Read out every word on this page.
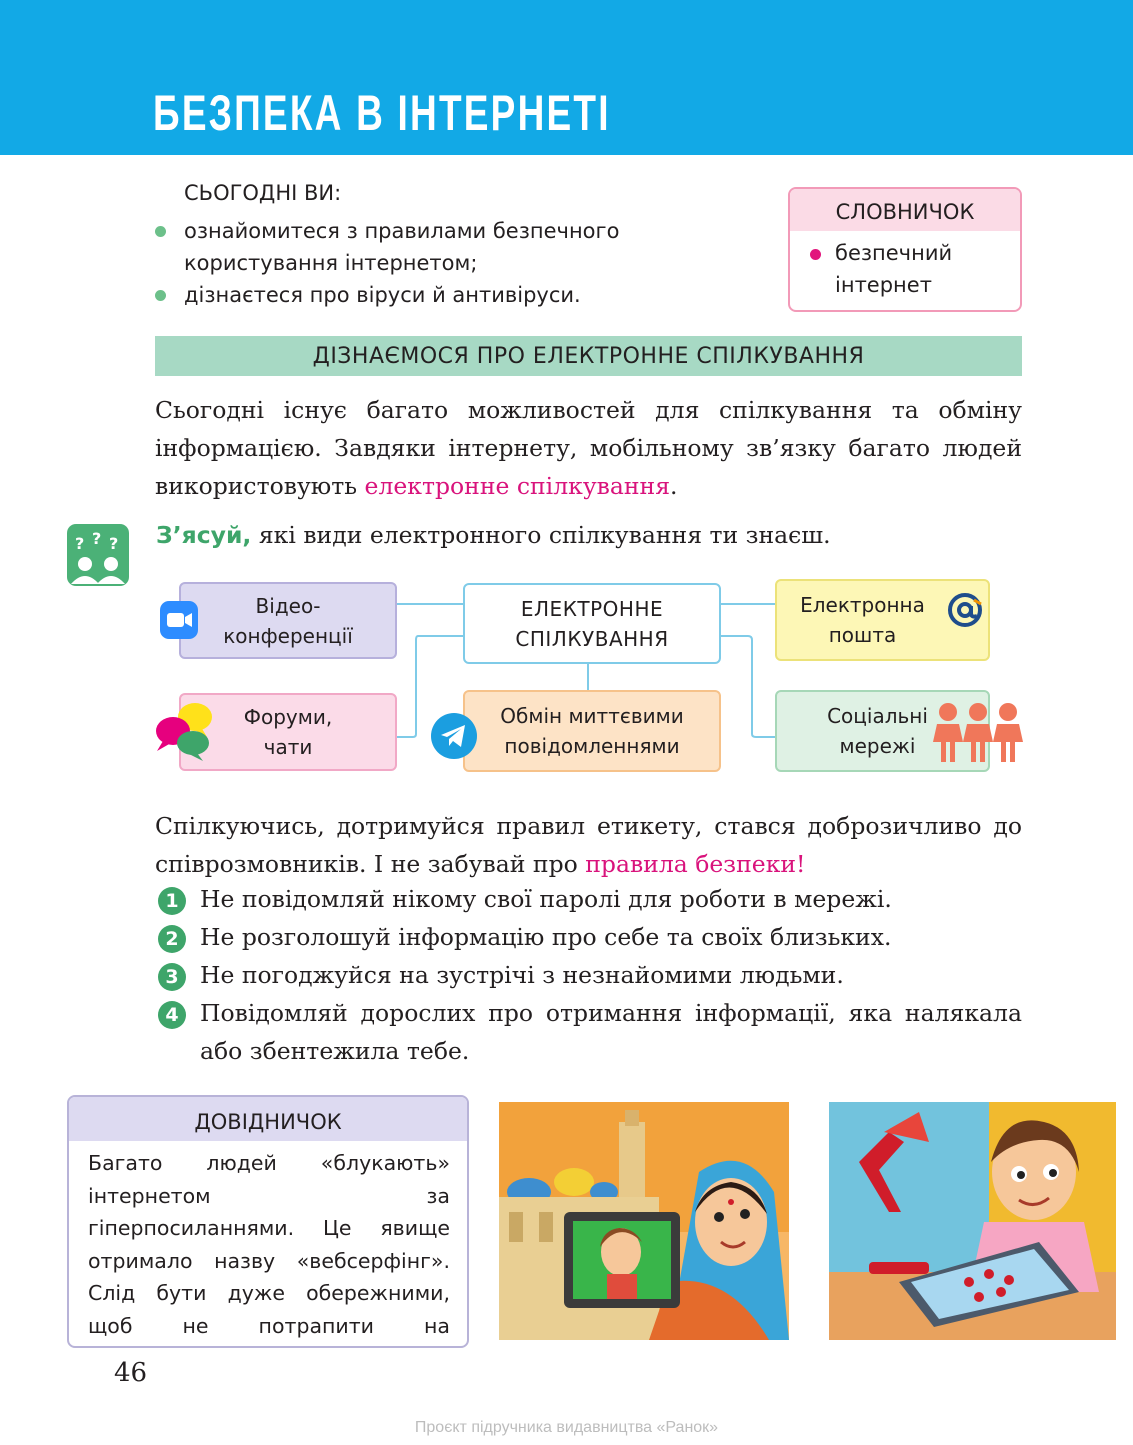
БЕЗПЕКА В ІНТЕРНЕТІ
СЬОГОДНІ ВИ:
ознайомитеся з правилами безпечного користування інтернетом;
дізнаєтеся про віруси й антивіруси.
СЛОВНИЧОК
безпечний інтернет
ДІЗНАЄМОСЯ ПРО ЕЛЕКТРОННЕ СПІЛКУВАННЯ

Сьогодні існує багато можливостей для спілкування та обміну інформацією. Завдяки інтернету, мобільному зв’язку багато людей використовують електронне спілкування.

? ? ? З’ясуй, які види електронного спілкування ти знаєш.
Відео-
конференції
ЕЛЕКТРОННЕ
СПІЛКУВАННЯ
Електронна
пошта
Форуми,
чати
Обмін миттєвими
повідомленнями
Соціальні
мережі

Спілкуючись, дотримуйся правил етикету, стався доброзичливо до співрозмовників. І не забувай про правила безпеки!

1 Не повідомляй нікому свої паролі для роботи в мережі.
2 Не розголошуй інформацію про себе та своїх близьких.
3 Не погоджуйся на зустрічі з незнайомими людьми.
4 Повідомляй дорослих про отримання інформації, яка налякала або збентежила тебе.
ДОВІДНИЧОК
Багато людей «блукають» інтернетом за гіперпосиланнями. Це явище отримало назву «вебсерфінг». Слід бути дуже обережними, щоб не потрапити на
46
Проєкт підручника видавництва «Ранок»
